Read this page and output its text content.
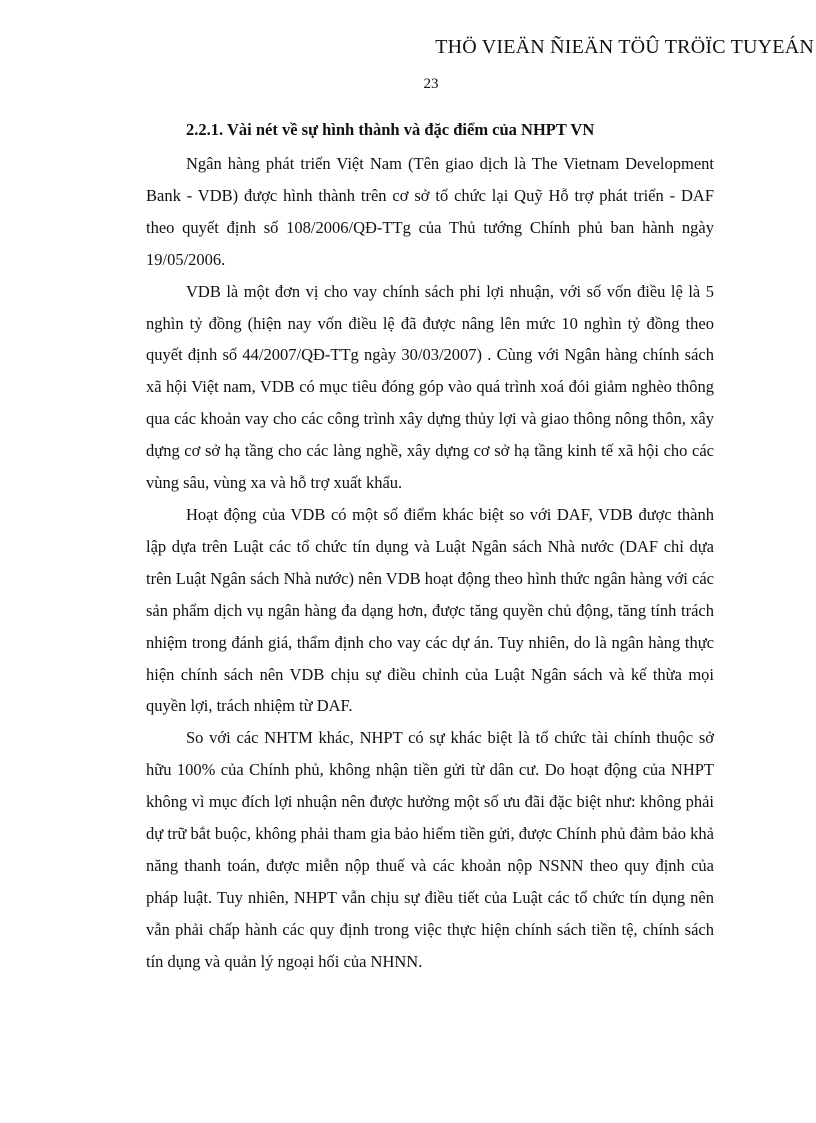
THÖ VIEÄN ÑIEÄN TÖÛ TRÖÏC TUYEÁN
23
2.2.1. Vài nét về sự hình thành và đặc điểm của NHPT VN

Ngân hàng phát triển Việt Nam (Tên giao dịch là The Vietnam Development Bank - VDB) được hình thành trên cơ sở tổ chức lại Quỹ Hỗ trợ phát triển - DAF theo quyết định số 108/2006/QĐ-TTg của Thủ tướng Chính phủ ban hành ngày 19/05/2006.

VDB là một đơn vị cho vay chính sách phi lợi nhuận, với số vốn điều lệ là 5 nghìn tỷ đồng (hiện nay vốn điều lệ đã được nâng lên mức 10 nghìn tỷ đồng theo quyết định số 44/2007/QĐ-TTg ngày 30/03/2007) . Cùng với Ngân hàng chính sách xã hội Việt nam, VDB có mục tiêu đóng góp vào quá trình xoá đói giảm nghèo thông qua các khoản vay cho các công trình xây dựng thủy lợi và giao thông nông thôn, xây dựng cơ sở hạ tầng cho các làng nghề, xây dựng cơ sở hạ tầng kinh tế xã hội cho các vùng sâu, vùng xa và hỗ trợ xuất khẩu.

Hoạt động của VDB có một số điểm khác biệt so với DAF, VDB được thành lập dựa trên Luật các tổ chức tín dụng và Luật Ngân sách Nhà nước (DAF chỉ dựa trên Luật Ngân sách Nhà nước) nên VDB hoạt động theo hình thức ngân hàng với các sản phẩm dịch vụ ngân hàng đa dạng hơn, được tăng quyền chủ động, tăng tính trách nhiệm trong đánh giá, thẩm định cho vay các dự án. Tuy nhiên, do là ngân hàng thực hiện chính sách nên VDB chịu sự điều chỉnh của Luật Ngân sách và kế thừa mọi quyền lợi, trách nhiệm từ DAF.

So với các NHTM khác, NHPT có sự khác biệt là tổ chức tài chính thuộc sở hữu 100% của Chính phủ, không nhận tiền gửi từ dân cư. Do hoạt động của NHPT không vì mục đích lợi nhuận nên được hưởng một số ưu đãi đặc biệt như: không phải dự trữ bắt buộc, không phải tham gia bảo hiểm tiền gửi, được Chính phủ đảm bảo khả năng thanh toán, được miễn nộp thuế và các khoản nộp NSNN theo quy định của pháp luật. Tuy nhiên, NHPT vẫn chịu sự điều tiết của Luật các tổ chức tín dụng nên vẫn phải chấp hành các quy định trong việc thực hiện chính sách tiền tệ, chính sách tín dụng và quản lý ngoại hối của NHNN.
